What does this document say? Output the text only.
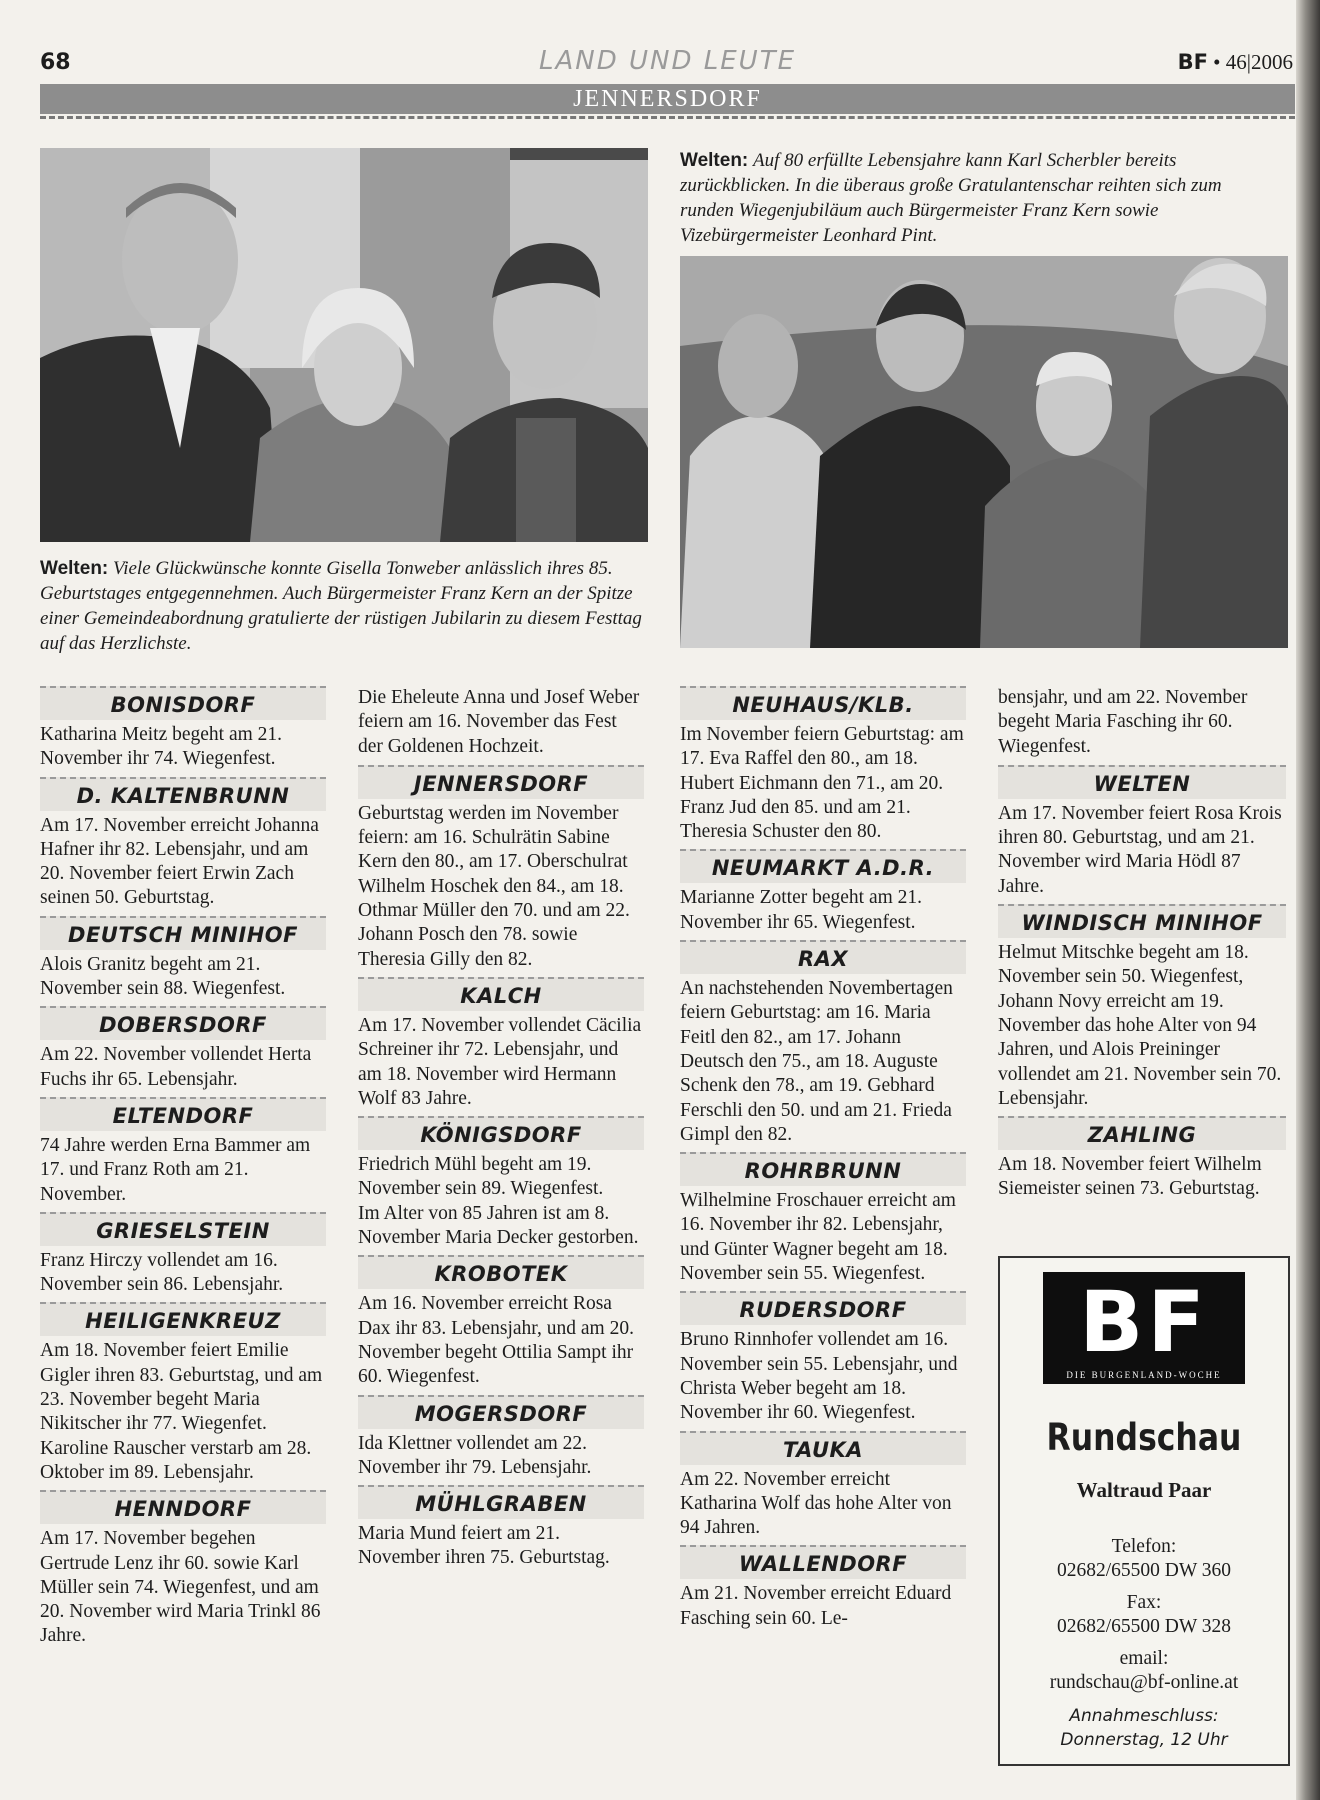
68	LAND UND LEUTE	BF • 46|2006
JENNERSDORF
Welten: Viele Glückwünsche konnte Gisella Tonweber anlässlich ihres 85. Geburtstages entgegennehmen. Auch Bürgermeister Franz Kern an der Spitze einer Gemeindeabordnung gratulierte der rüstigen Jubilarin zu diesem Festtag auf das Herzlichste.
Welten: Auf 80 erfüllte Lebensjahre kann Karl Scherbler bereits zurückblicken. In die überaus große Gratulantenschar reihten sich zum runden Wiegenjubiläum auch Bürgermeister Franz Kern sowie Vizebürgermeister Leonhard Pint.
BONISDORF

Katharina Meitz begeht am 21. November ihr 74. Wiegenfest.

D. KALTENBRUNN

Am 17. November erreicht Johanna Hafner ihr 82. Lebensjahr, und am 20. November feiert Erwin Zach seinen 50. Geburtstag.

DEUTSCH MINIHOF

Alois Granitz begeht am 21. November sein 88. Wiegenfest.

DOBERSDORF

Am 22. November vollendet Herta Fuchs ihr 65. Lebensjahr.

ELTENDORF

74 Jahre werden Erna Bammer am 17. und Franz Roth am 21. November.

GRIESELSTEIN

Franz Hirczy vollendet am 16. November sein 86. Lebensjahr.

HEILIGENKREUZ

Am 18. November feiert Emilie Gigler ihren 83. Geburtstag, und am 23. November begeht Maria Nikitscher ihr 77. Wiegenfet.

Karoline Rauscher verstarb am 28. Oktober im 89. Lebensjahr.

HENNDORF

Am 17. November begehen Gertrude Lenz ihr 60. sowie Karl Müller sein 74. Wiegenfest, und am 20. November wird Maria Trinkl 86 Jahre.

Die Eheleute Anna und Josef Weber feiern am 16. November das Fest der Goldenen Hochzeit.

JENNERSDORF

Geburtstag werden im November feiern: am 16. Schulrätin Sabine Kern den 80., am 17. Oberschulrat Wilhelm Hoschek den 84., am 18. Othmar Müller den 70. und am 22. Johann Posch den 78. sowie Theresia Gilly den 82.

KALCH

Am 17. November vollendet Cäcilia Schreiner ihr 72. Lebensjahr, und am 18. November wird Hermann Wolf 83 Jahre.

KÖNIGSDORF

Friedrich Mühl begeht am 19. November sein 89. Wiegenfest.

Im Alter von 85 Jahren ist am 8. November Maria Decker gestorben.

KROBOTEK

Am 16. November erreicht Rosa Dax ihr 83. Lebensjahr, und am 20. November begeht Ottilia Sampt ihr 60. Wiegenfest.

MOGERSDORF

Ida Klettner vollendet am 22. November ihr 79. Lebensjahr.

MÜHLGRABEN

Maria Mund feiert am 21. November ihren 75. Geburtstag.

NEUHAUS/KLB.

Im November feiern Geburtstag: am 17. Eva Raffel den 80., am 18. Hubert Eichmann den 71., am 20. Franz Jud den 85. und am 21. Theresia Schuster den 80.

NEUMARKT A.D.R.

Marianne Zotter begeht am 21. November ihr 65. Wiegenfest.

RAX

An nachstehenden Novembertagen feiern Geburtstag: am 16. Maria Feitl den 82., am 17. Johann Deutsch den 75., am 18. Auguste Schenk den 78., am 19. Gebhard Ferschli den 50. und am 21. Frieda Gimpl den 82.

ROHRBRUNN

Wilhelmine Froschauer erreicht am 16. November ihr 82. Lebensjahr, und Günter Wagner begeht am 18. November sein 55. Wiegenfest.

RUDERSDORF

Bruno Rinnhofer vollendet am 16. November sein 55. Lebensjahr, und Christa Weber begeht am 18. November ihr 60. Wiegenfest.

TAUKA

Am 22. November erreicht Katharina Wolf das hohe Alter von 94 Jahren.

WALLENDORF

Am 21. November erreicht Eduard Fasching sein 60. Le-

bensjahr, und am 22. November begeht Maria Fasching ihr 60. Wiegenfest.

WELTEN

Am 17. November feiert Rosa Krois ihren 80. Geburtstag, und am 21. November wird Maria Hödl 87 Jahre.

WINDISCH MINIHOF

Helmut Mitschke begeht am 18. November sein 50. Wiegenfest, Johann Novy erreicht am 19. November das hohe Alter von 94 Jahren, und Alois Preininger vollendet am 21. November sein 70. Lebensjahr.

ZAHLING

Am 18. November feiert Wilhelm Siemeister seinen 73. Geburtstag.

BF
DIE BURGENLAND-WOCHE
Rundschau
Waltraud Paar
Telefon:
02682/65500 DW 360
Fax:
02682/65500 DW 328
email:
rundschau@bf-online.at
Annahmeschluss:
Donnerstag, 12 Uhr
